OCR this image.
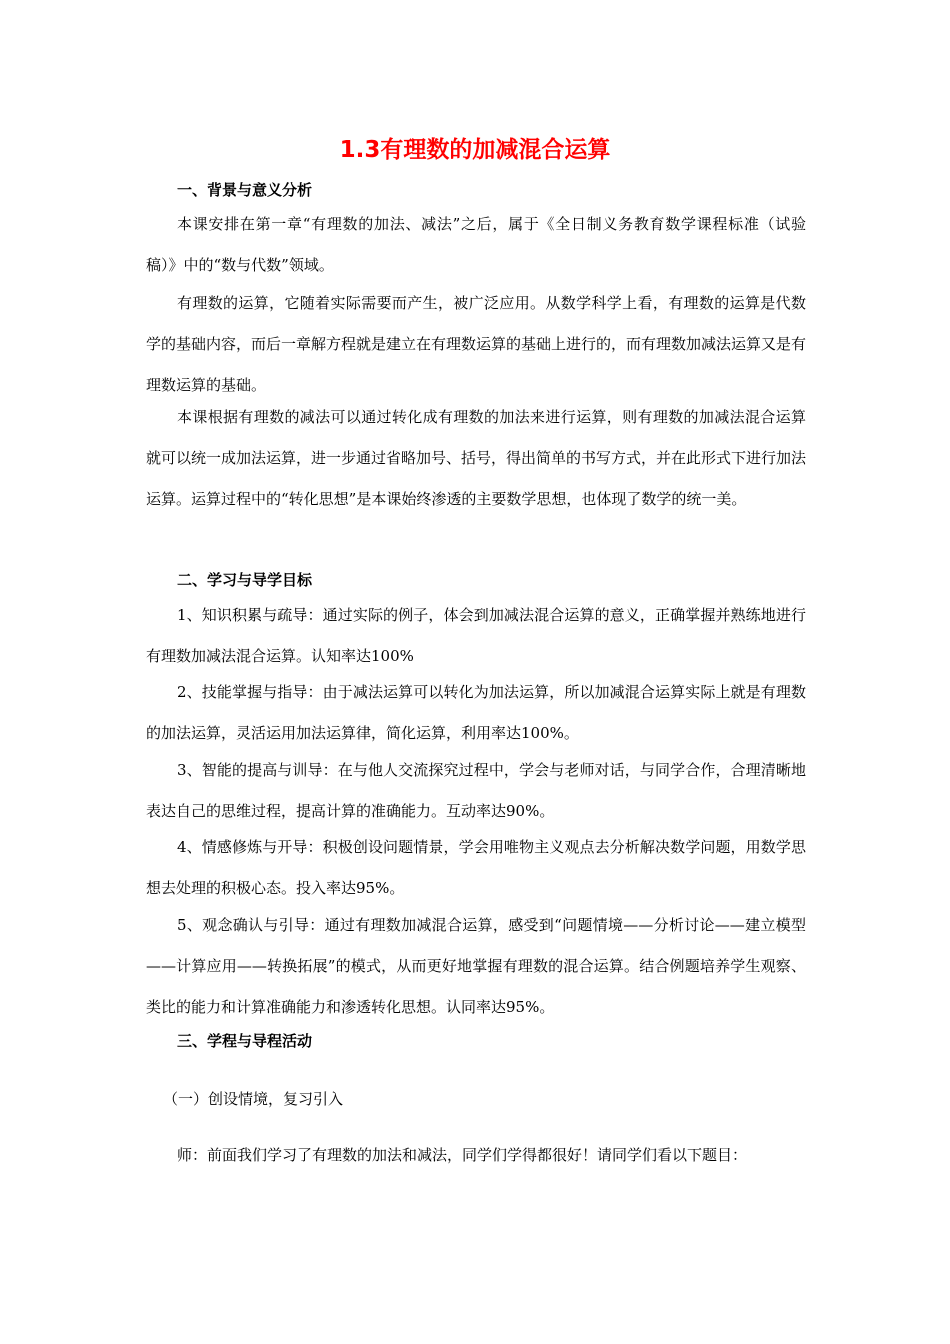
1.3有理数的加减混合运算
一、背景与意义分析

本课安排在第一章“有理数的加法、减法”之后，属于《全日制义务教育数学课程标准（试验稿）》中的“数与代数”领域。

有理数的运算，它随着实际需要而产生，被广泛应用。从数学科学上看，有理数的运算是代数学的基础内容，而后一章解方程就是建立在有理数运算的基础上进行的，而有理数加减法运算又是有理数运算的基础。

本课根据有理数的减法可以通过转化成有理数的加法来进行运算，则有理数的加减法混合运算就可以统一成加法运算，进一步通过省略加号、括号，得出简单的书写方式，并在此形式下进行加法运算。运算过程中的“转化思想”是本课始终渗透的主要数学思想，也体现了数学的统一美。

二、学习与导学目标

1、知识积累与疏导：通过实际的例子，体会到加减法混合运算的意义，正确掌握并熟练地进行有理数加减法混合运算。认知率达100%

2、技能掌握与指导：由于减法运算可以转化为加法运算，所以加减混合运算实际上就是有理数的加法运算，灵活运用加法运算律，简化运算，利用率达100%。

3、智能的提高与训导：在与他人交流探究过程中，学会与老师对话，与同学合作，合理清晰地表达自己的思维过程，提高计算的准确能力。互动率达90%。

4、情感修炼与开导：积极创设问题情景，学会用唯物主义观点去分析解决数学问题，用数学思想去处理的积极心态。投入率达95%。

5、观念确认与引导：通过有理数加减混合运算，感受到“问题情境——分析讨论——建立模型——计算应用——转换拓展”的模式，从而更好地掌握有理数的混合运算。结合例题培养学生观察、类比的能力和计算准确能力和渗透转化思想。认同率达95%。

三、学程与导程活动

（一）创设情境，复习引入

师：前面我们学习了有理数的加法和减法，同学们学得都很好！请同学们看以下题目：
